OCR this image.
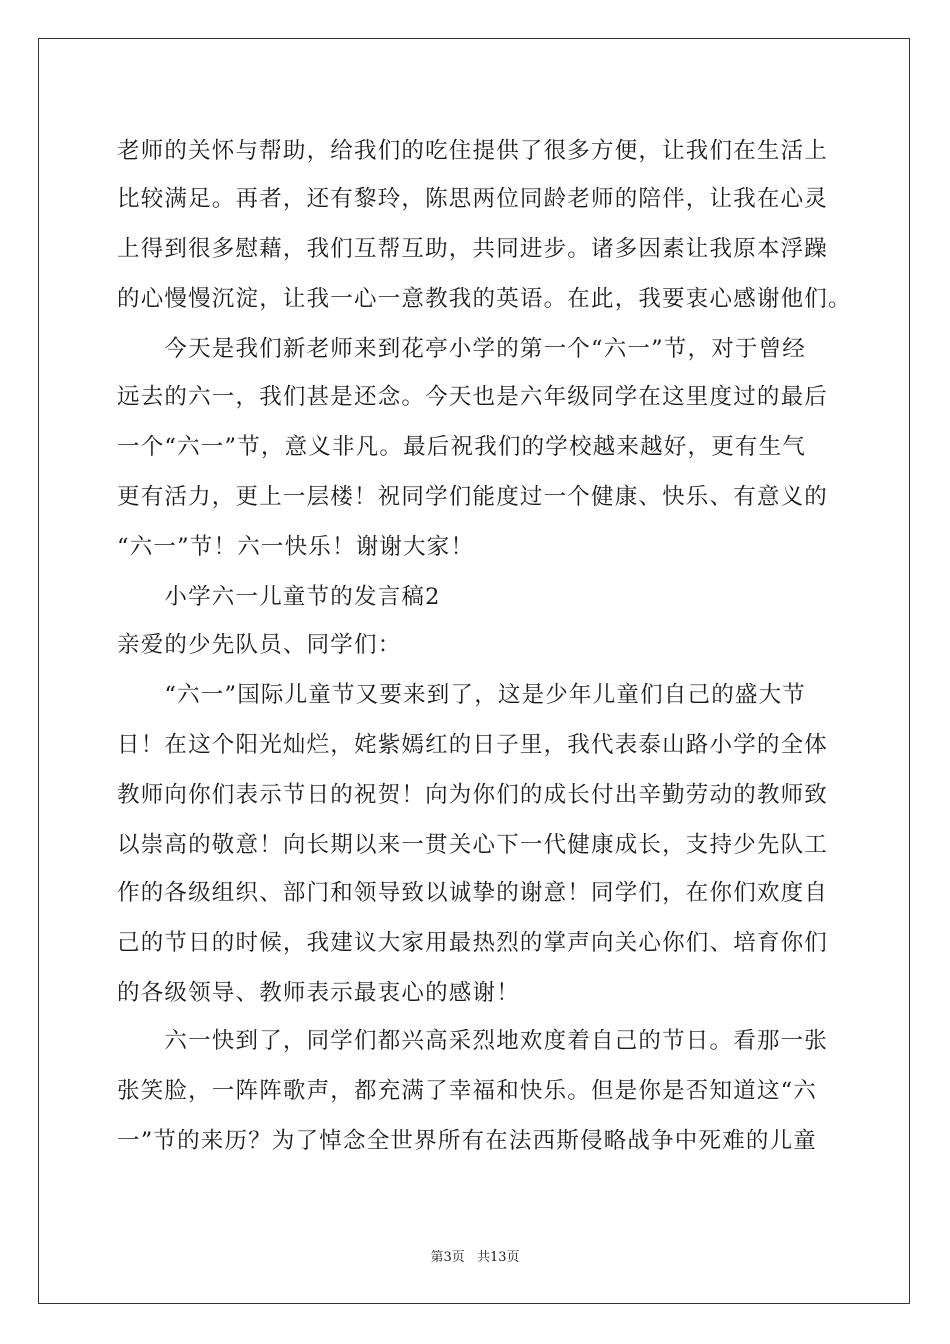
老师的关怀与帮助，给我们的吃住提供了很多方便，让我们在生活上
比较满足。再者，还有黎玲，陈思两位同龄老师的陪伴，让我在心灵
上得到很多慰藉，我们互帮互助，共同进步。诸多因素让我原本浮躁
的心慢慢沉淀，让我一心一意教我的英语。在此，我要衷心感谢他们。
　　今天是我们新老师来到花亭小学的第一个“六一”节，对于曾经
远去的六一，我们甚是还念。今天也是六年级同学在这里度过的最后
一个“六一”节，意义非凡。最后祝我们的学校越来越好，更有生气
更有活力，更上一层楼！祝同学们能度过一个健康、快乐、有意义的
“六一”节！六一快乐！谢谢大家！
　　小学六一儿童节的发言稿2
亲爱的少先队员、同学们：
　　“六一”国际儿童节又要来到了，这是少年儿童们自己的盛大节
日！在这个阳光灿烂，姹紫嫣红的日子里，我代表泰山路小学的全体
教师向你们表示节日的祝贺！向为你们的成长付出辛勤劳动的教师致
以崇高的敬意！向长期以来一贯关心下一代健康成长，支持少先队工
作的各级组织、部门和领导致以诚挚的谢意！同学们，在你们欢度自
己的节日的时候，我建议大家用最热烈的掌声向关心你们、培育你们
的各级领导、教师表示最衷心的感谢！
　　六一快到了，同学们都兴高采烈地欢度着自己的节日。看那一张
张笑脸，一阵阵歌声，都充满了幸福和快乐。但是你是否知道这“六
一”节的来历？为了悼念全世界所有在法西斯侵略战争中死难的儿童
第3页 共13页
